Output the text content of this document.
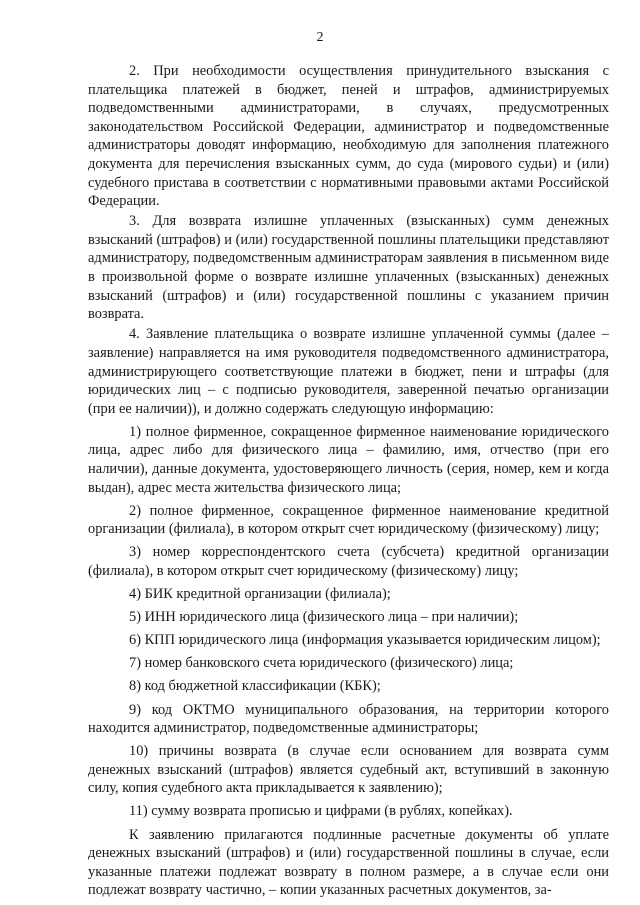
2

2. При необходимости осуществления принудительного взыскания с плательщика платежей в бюджет, пеней и штрафов, администрируемых подведомственными администраторами, в случаях, предусмотренных законодательством Российской Федерации, администратор и подведомственные администраторы доводят информацию, необходимую для заполнения платежного документа для перечисления взысканных сумм, до суда (мирового судьи) и (или) судебного пристава в соответствии с нормативными правовыми актами Российской Федерации.

3. Для возврата излишне уплаченных (взысканных) сумм денежных взысканий (штрафов) и (или) государственной пошлины плательщики представляют администратору, подведомственным администраторам заявления в письменном виде в произвольной форме о возврате излишне уплаченных (взысканных) денежных взысканий (штрафов) и (или) государственной пошлины с указанием причин возврата.

4. Заявление плательщика о возврате излишне уплаченной суммы (далее – заявление) направляется на имя руководителя подведомственного администратора, администрирующего соответствующие платежи в бюджет, пени и штрафы (для юридических лиц – с подписью руководителя, заверенной печатью организации (при ее наличии)), и должно содержать следующую информацию:

1) полное фирменное, сокращенное фирменное наименование юридического лица, адрес либо для физического лица – фамилию, имя, отчество (при его наличии), данные документа, удостоверяющего личность (серия, номер, кем и когда выдан), адрес места жительства физического лица;

2) полное фирменное, сокращенное фирменное наименование кредитной организации (филиала), в котором открыт счет юридическому (физическому) лицу;

3) номер корреспондентского счета (субсчета) кредитной организации (филиала), в котором открыт счет юридическому (физическому) лицу;

4) БИК кредитной организации (филиала);

5) ИНН юридического лица (физического лица – при наличии);

6) КПП юридического лица (информация указывается юридическим лицом);

7) номер банковского счета юридического (физического) лица;

8) код бюджетной классификации (КБК);

9) код ОКТМО муниципального образования, на территории которого находится администратор, подведомственные администраторы;

10) причины возврата (в случае если основанием для возврата сумм денежных взысканий (штрафов) является судебный акт, вступивший в законную силу, копия судебного акта прикладывается к заявлению);

11) сумму возврата прописью и цифрами (в рублях, копейках).

К заявлению прилагаются подлинные расчетные документы об уплате денежных взысканий (штрафов) и (или) государственной пошлины в случае, если указанные платежи подлежат возврату в полном размере, а в случае если они подлежат возврату частично, – копии указанных расчетных документов, за-
